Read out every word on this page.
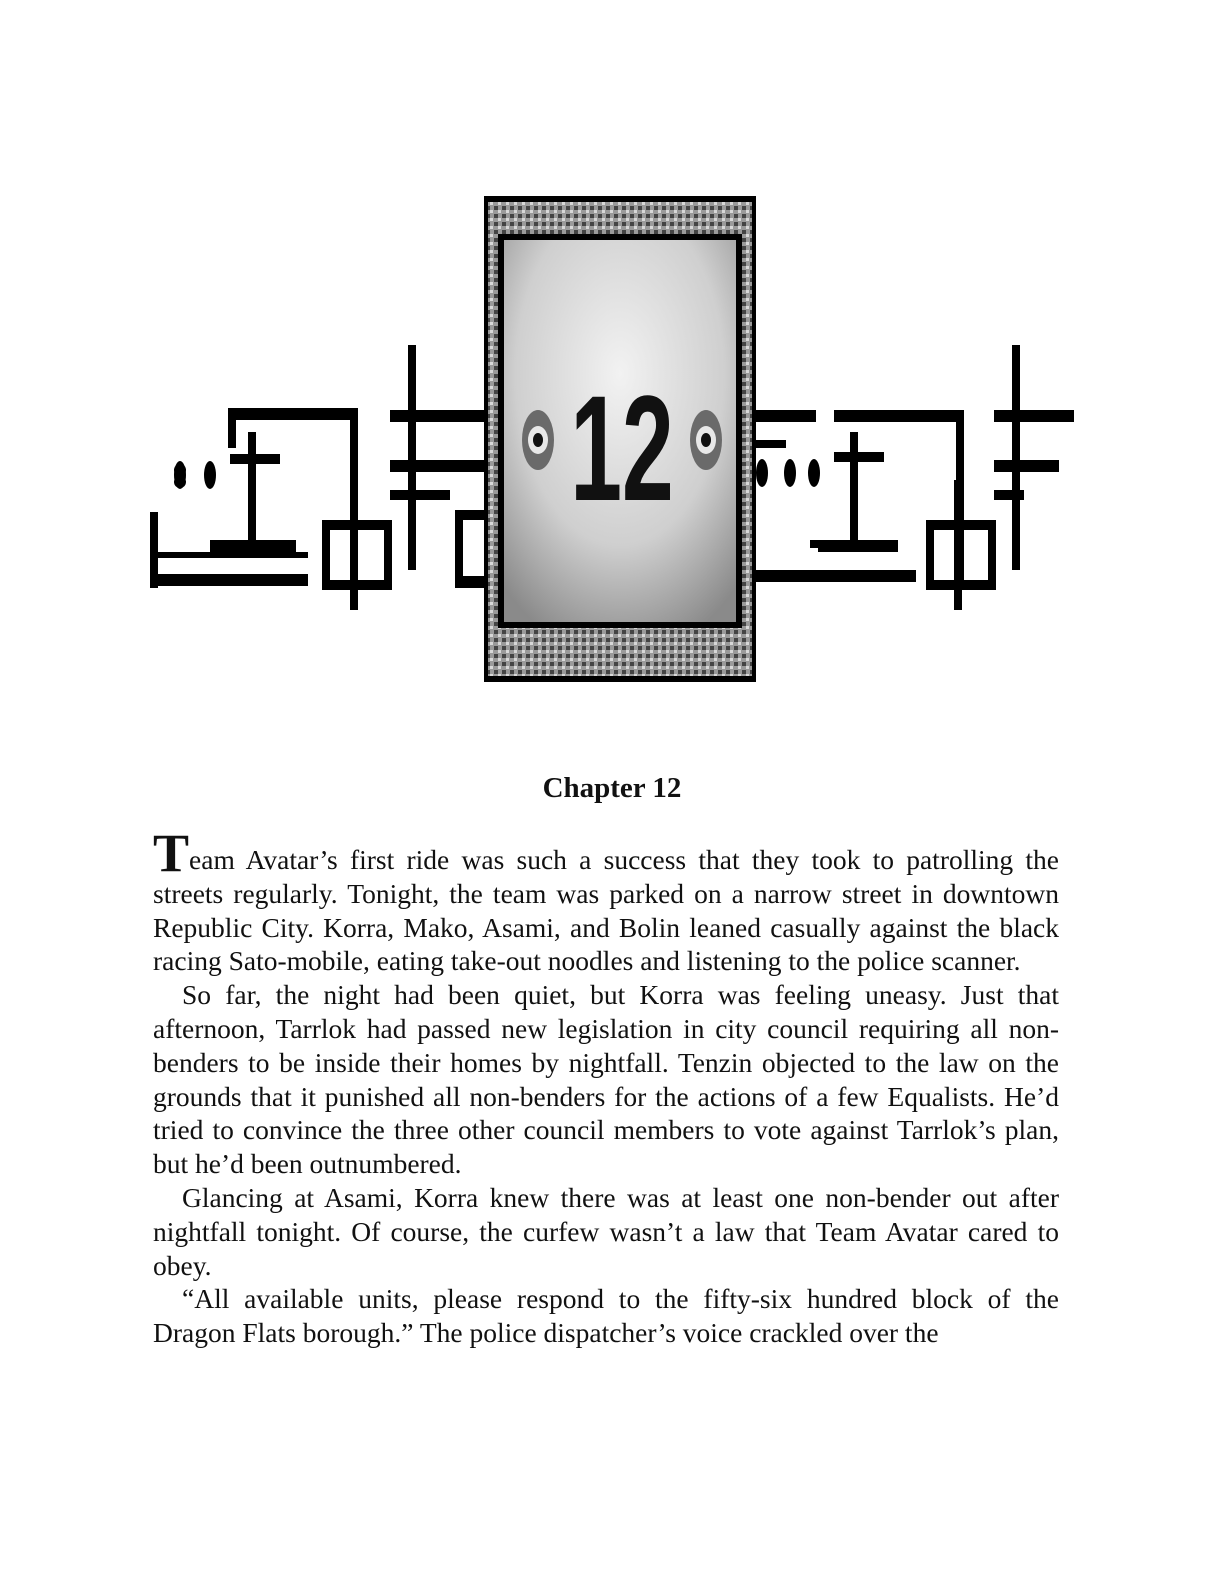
12
Chapter 12

Team Avatar’s first ride was such a success that they took to patrolling the streets regularly. Tonight, the team was parked on a narrow street in downtown Republic City. Korra, Mako, Asami, and Bolin leaned casually against the black racing Sato-mobile, eating take-out noodles and listening to the police scanner.

So far, the night had been quiet, but Korra was feeling uneasy. Just that afternoon, Tarrlok had passed new legislation in city council requiring all non-benders to be inside their homes by nightfall. Tenzin objected to the law on the grounds that it punished all non-benders for the actions of a few Equalists. He’d tried to convince the three other council members to vote against Tarrlok’s plan, but he’d been outnumbered.

Glancing at Asami, Korra knew there was at least one non-bender out after nightfall tonight. Of course, the curfew wasn’t a law that Team Avatar cared to obey.

“All available units, please respond to the fifty-six hundred block of the Dragon Flats borough.” The police dispatcher’s voice crackled over the
